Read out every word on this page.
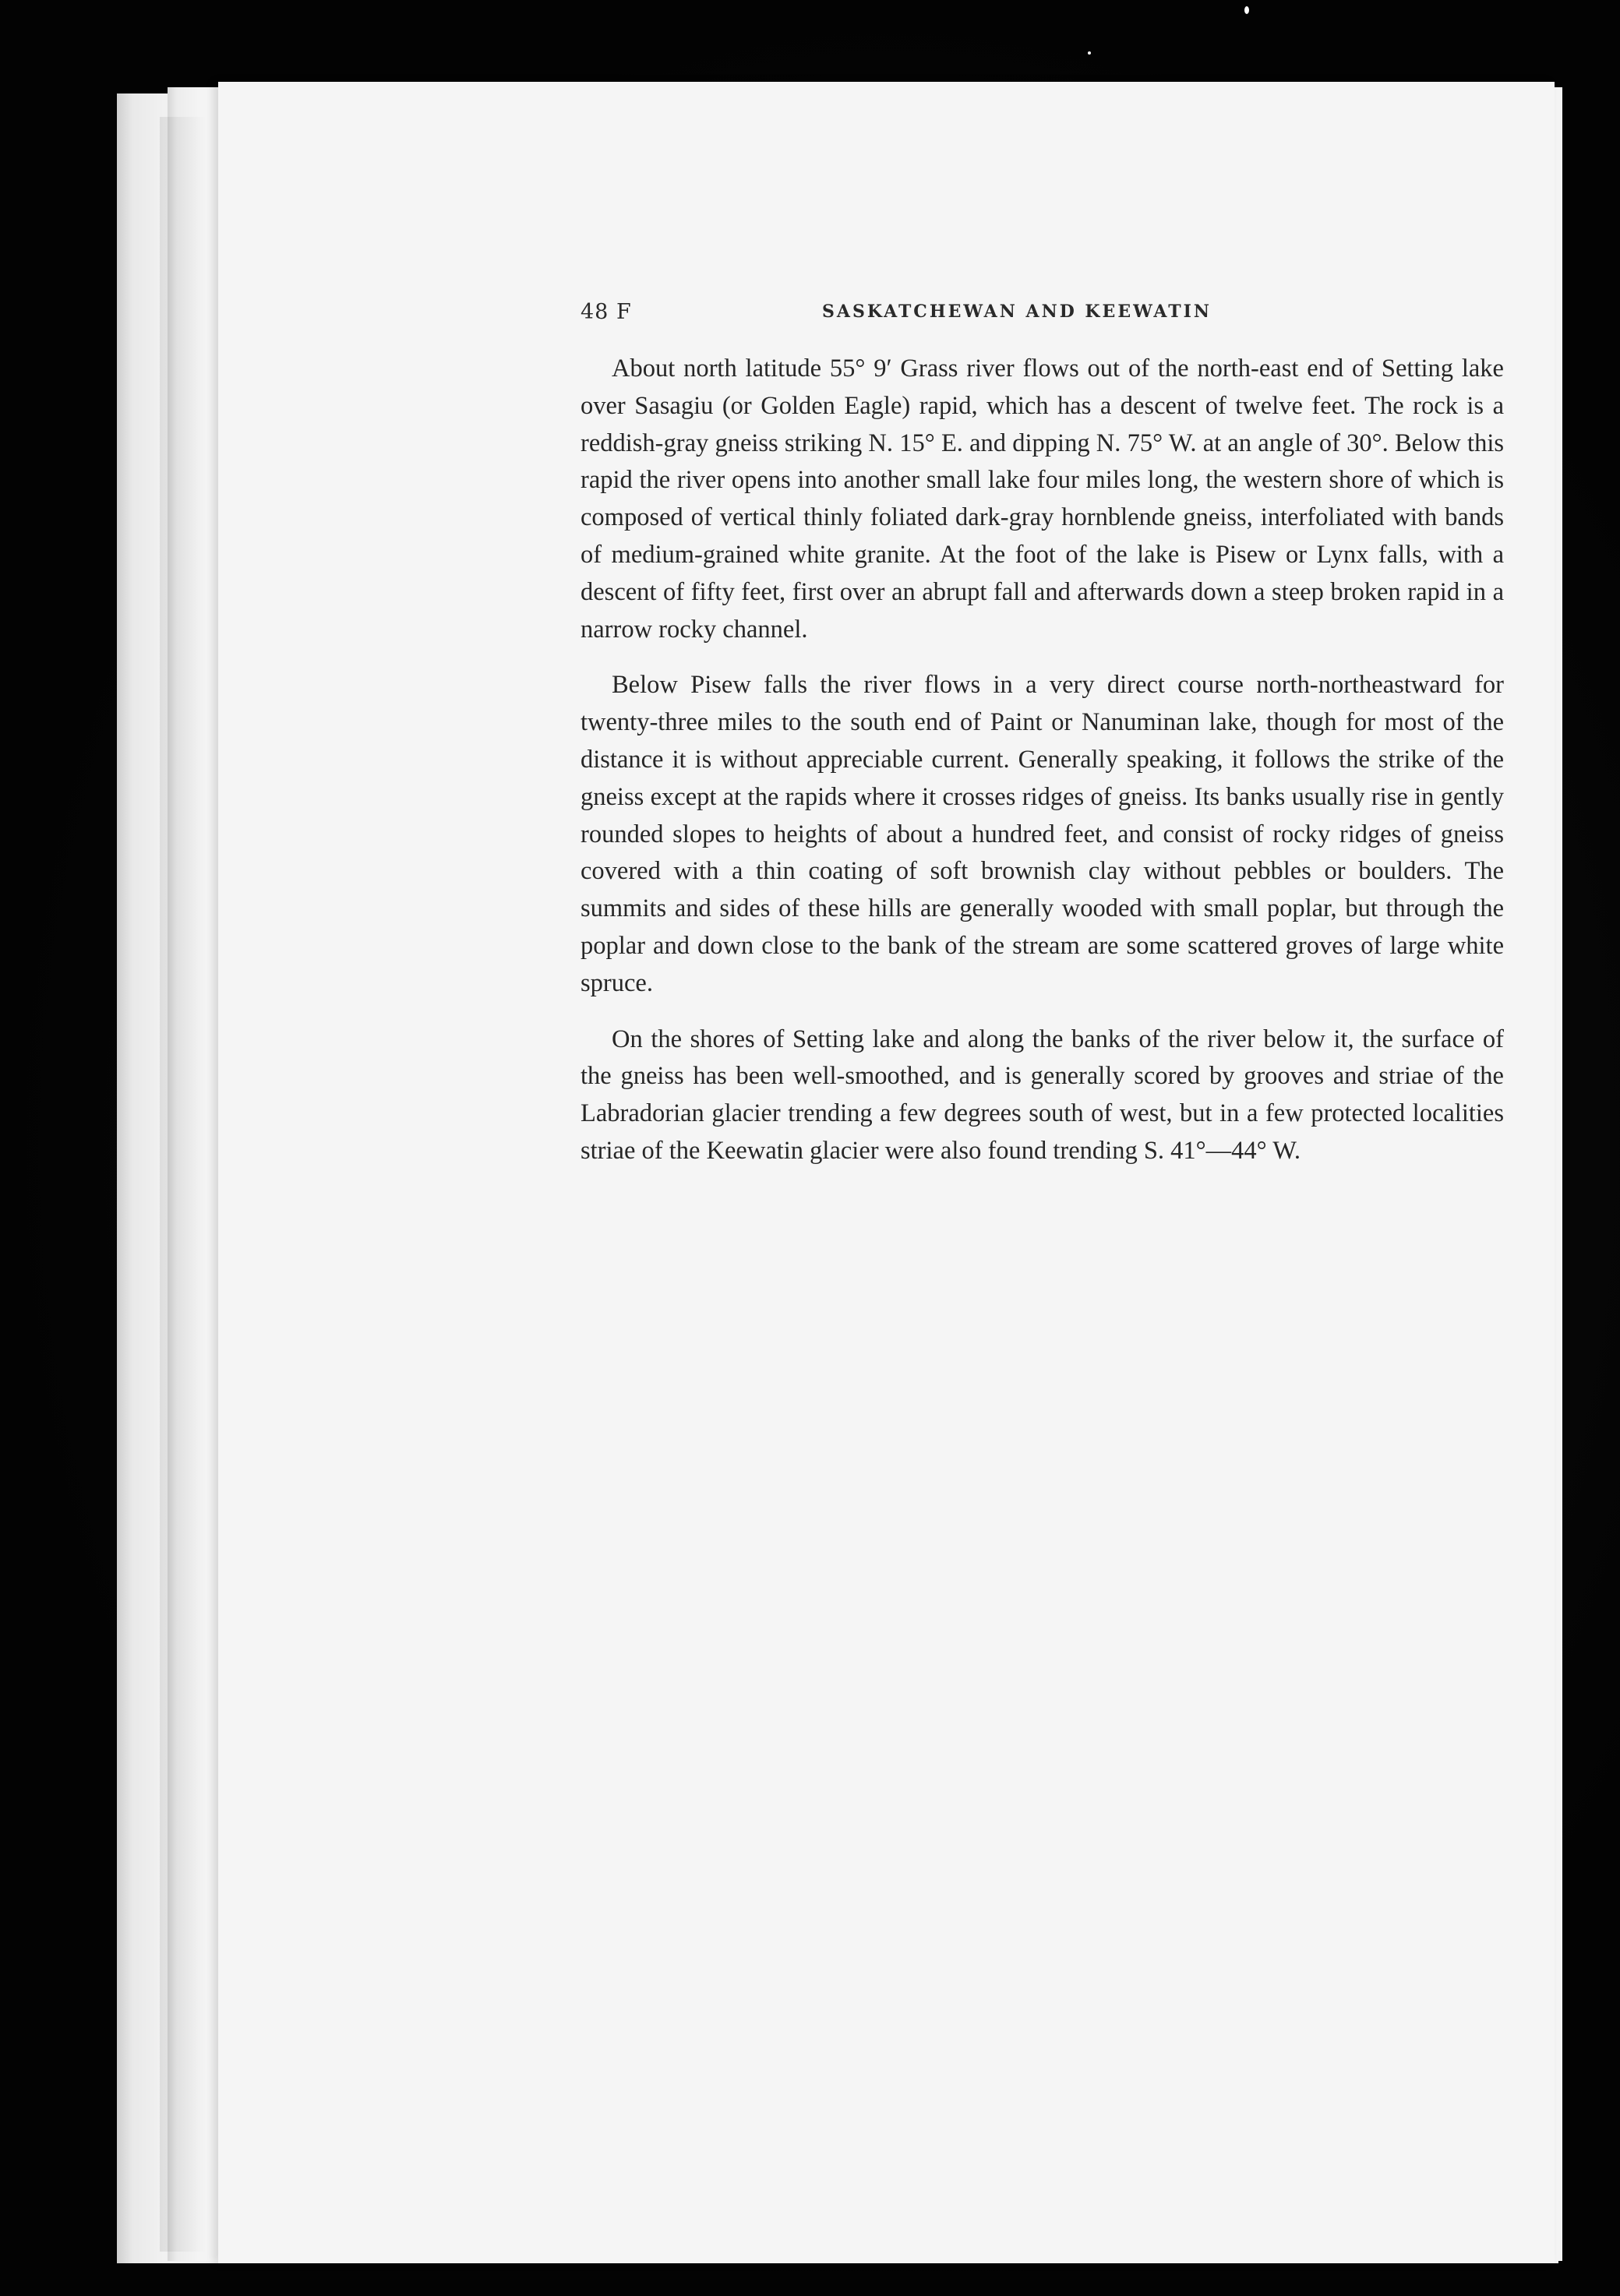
48 F	SASKATCHEWAN AND KEEWATIN

About north latitude 55° 9′ Grass river flows out of the north-east end of Setting lake over Sasagiu (or Golden Eagle) rapid, which has a descent of twelve feet. The rock is a reddish-gray gneiss striking N. 15° E. and dipping N. 75° W. at an angle of 30°. Below this rapid the river opens into another small lake four miles long, the western shore of which is composed of vertical thinly foliated dark-gray hornblende gneiss, interfoliated with bands of medium-grained white granite. At the foot of the lake is Pisew or Lynx falls, with a descent of fifty feet, first over an abrupt fall and afterwards down a steep broken rapid in a narrow rocky channel.

Below Pisew falls the river flows in a very direct course north-northeastward for twenty-three miles to the south end of Paint or Nanuminan lake, though for most of the distance it is without appreciable current. Generally speaking, it follows the strike of the gneiss except at the rapids where it crosses ridges of gneiss. Its banks usually rise in gently rounded slopes to heights of about a hundred feet, and consist of rocky ridges of gneiss covered with a thin coating of soft brownish clay without pebbles or boulders. The summits and sides of these hills are generally wooded with small poplar, but through the poplar and down close to the bank of the stream are some scattered groves of large white spruce.

On the shores of Setting lake and along the banks of the river below it, the surface of the gneiss has been well-smoothed, and is generally scored by grooves and striae of the Labradorian glacier trending a few degrees south of west, but in a few protected localities striae of the Keewatin glacier were also found trending S. 41°—44° W.
